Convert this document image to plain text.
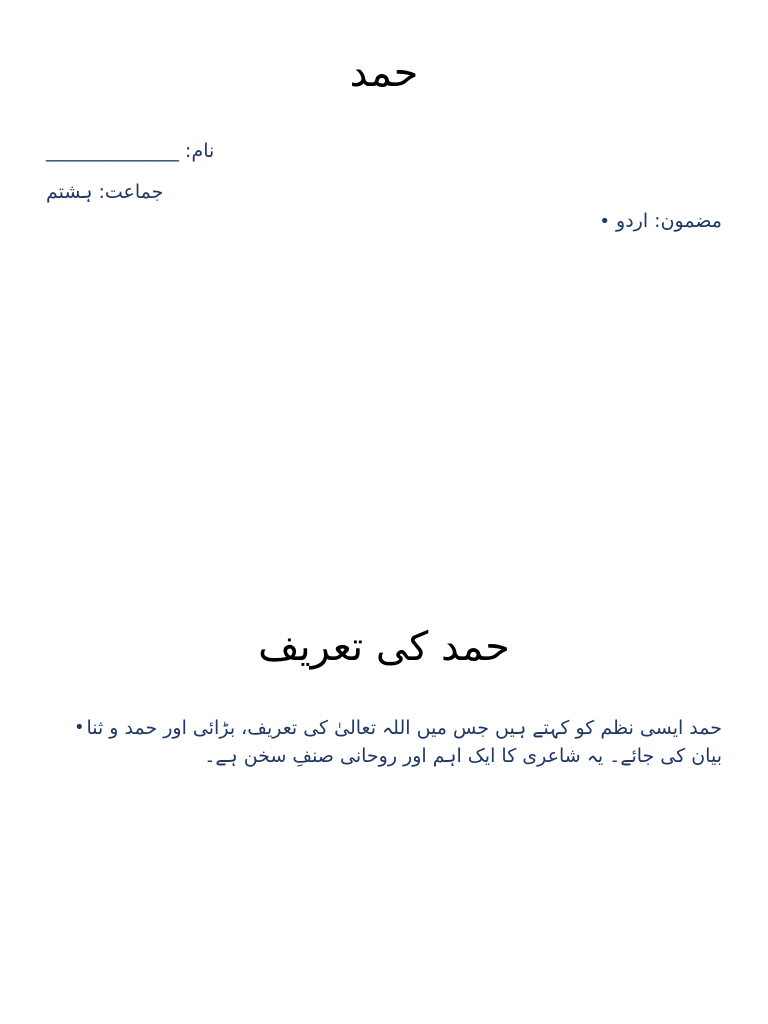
حمد
نام: ______________
جماعت: ہشتم
مضمون: اردو •
حمد کی تعریف
• حمد ایسی نظم کو کہتے ہیں جس میں اللہ تعالیٰ کی تعریف، بڑائی اور حمد و ثنا بیان کی جائے۔ یہ شاعری کا ایک اہم اور روحانی صنفِ سخن ہے۔
